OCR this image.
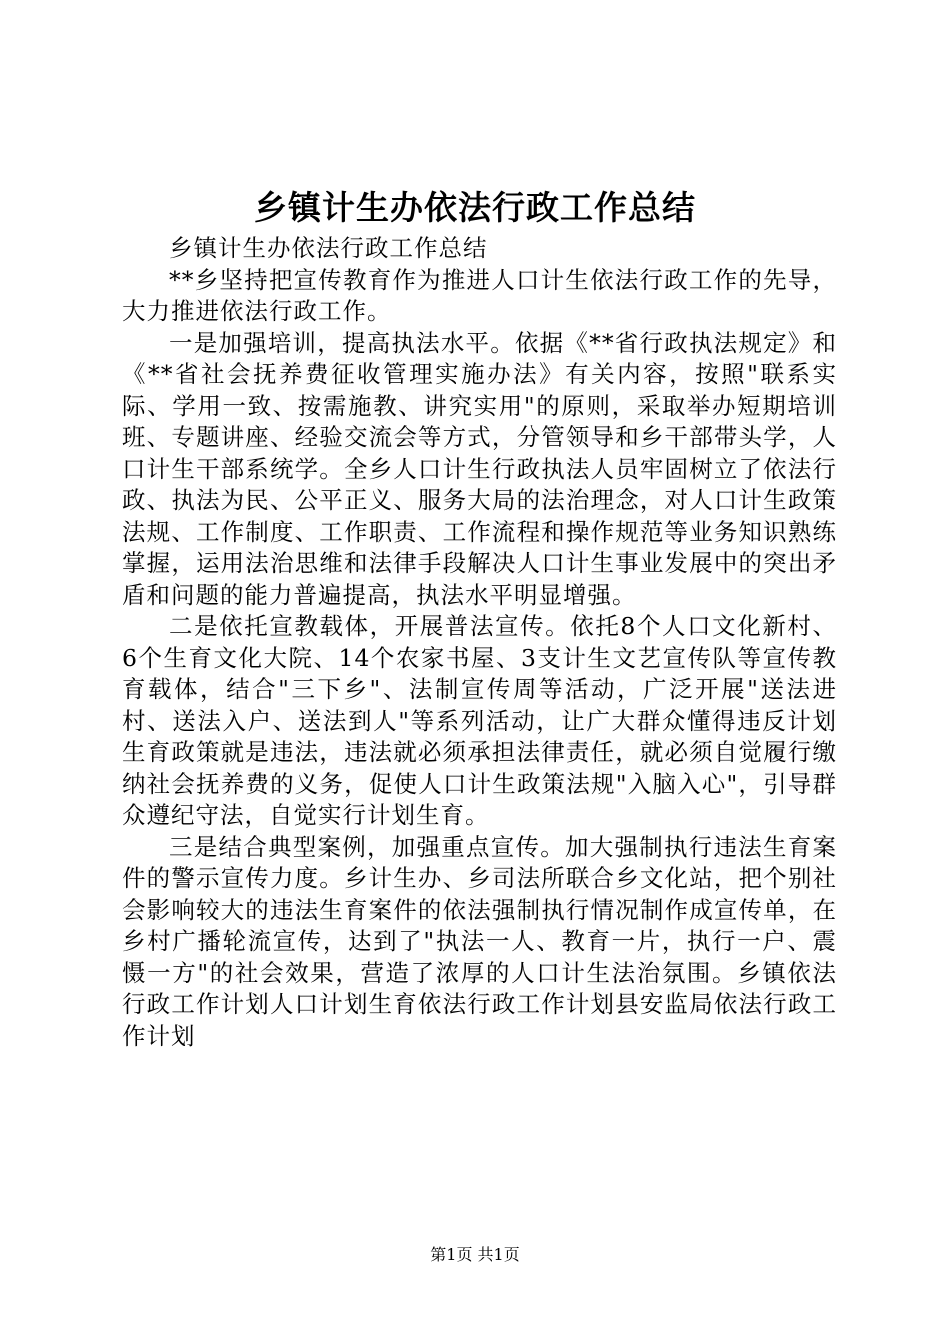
乡镇计生办依法行政工作总结

乡镇计生办依法行政工作总结

**乡坚持把宣传教育作为推进人口计生依法行政工作的先导，大力推进依法行政工作。

一是加强培训，提高执法水平。依据《**省行政执法规定》和《**省社会抚养费征收管理实施办法》有关内容，按照"联系实际、学用一致、按需施教、讲究实用"的原则，采取举办短期培训班、专题讲座、经验交流会等方式，分管领导和乡干部带头学，人口计生干部系统学。全乡人口计生行政执法人员牢固树立了依法行政、执法为民、公平正义、服务大局的法治理念，对人口计生政策法规、工作制度、工作职责、工作流程和操作规范等业务知识熟练掌握，运用法治思维和法律手段解决人口计生事业发展中的突出矛盾和问题的能力普遍提高，执法水平明显增强。

二是依托宣教载体，开展普法宣传。依托8个人口文化新村、6个生育文化大院、14个农家书屋、3支计生文艺宣传队等宣传教育载体，结合"三下乡"、法制宣传周等活动，广泛开展"送法进村、送法入户、送法到人"等系列活动，让广大群众懂得违反计划生育政策就是违法，违法就必须承担法律责任，就必须自觉履行缴纳社会抚养费的义务，促使人口计生政策法规"入脑入心"，引导群众遵纪守法，自觉实行计划生育。

三是结合典型案例，加强重点宣传。加大强制执行违法生育案件的警示宣传力度。乡计生办、乡司法所联合乡文化站，把个别社会影响较大的违法生育案件的依法强制执行情况制作成宣传单，在乡村广播轮流宣传，达到了"执法一人、教育一片，执行一户、震慑一方"的社会效果，营造了浓厚的人口计生法治氛围。乡镇依法行政工作计划人口计划生育依法行政工作计划县安监局依法行政工作计划

第1页 共1页
